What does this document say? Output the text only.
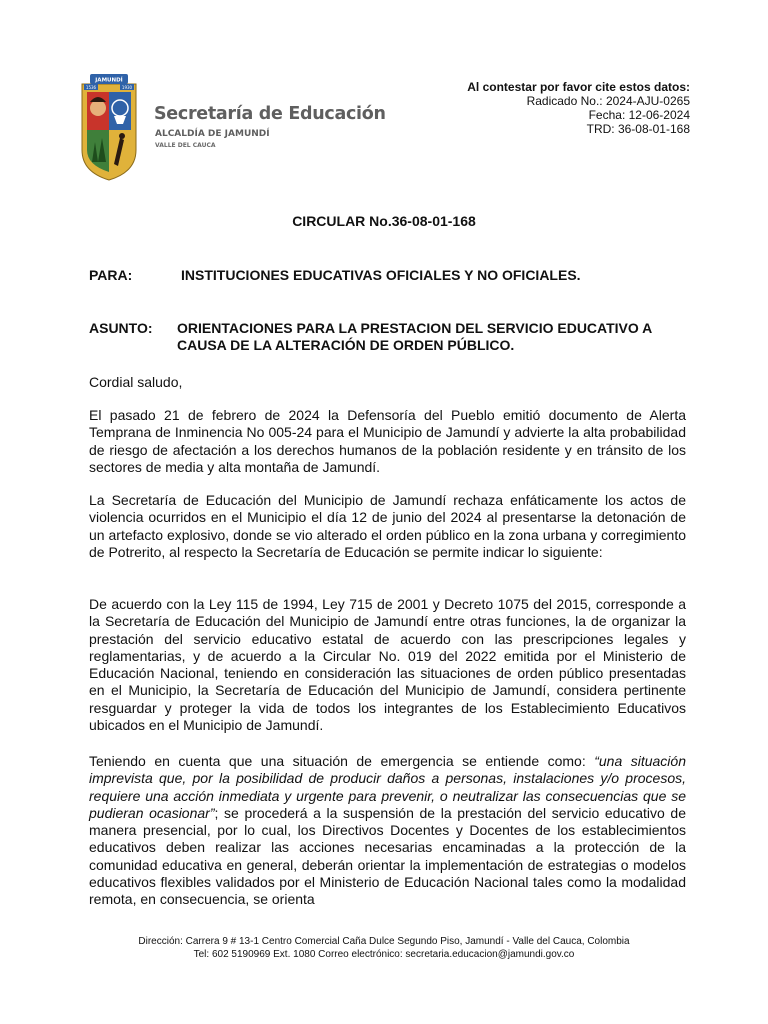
JAMUNDÍ
1536	1930
Secretaría de Educación
ALCALDÍA DE JAMUNDÍ
VALLE DEL CAUCA
Al contestar por favor cite estos datos:
Radicado No.: 2024-AJU-0265
Fecha: 12-06-2024
TRD: 36-08-01-168
CIRCULAR No.36-08-01-168
PARA:	INSTITUCIONES EDUCATIVAS OFICIALES Y NO OFICIALES.
ASUNTO: ORIENTACIONES PARA LA PRESTACION DEL SERVICIO EDUCATIVO A CAUSA DE LA ALTERACIÓN DE ORDEN PÚBLICO.

Cordial saludo,

El pasado 21 de febrero de 2024 la Defensoría del Pueblo emitió documento de Alerta Temprana de Inminencia No 005-24 para el Municipio de Jamundí y advierte la alta probabilidad de riesgo de afectación a los derechos humanos de la población residente y en tránsito de los sectores de media y alta montaña de Jamundí.

La Secretaría de Educación del Municipio de Jamundí rechaza enfáticamente los actos de violencia ocurridos en el Municipio el día 12 de junio del 2024 al presentarse la detonación de un artefacto explosivo, donde se vio alterado el orden público en la zona urbana y corregimiento de Potrerito, al respecto la Secretaría de Educación se permite indicar lo siguiente:

De acuerdo con la Ley 115 de 1994, Ley 715 de 2001 y Decreto 1075 del 2015, corresponde a la Secretaría de Educación del Municipio de Jamundí entre otras funciones, la de organizar la prestación del servicio educativo estatal de acuerdo con las prescripciones legales y reglamentarias, y de acuerdo a la Circular No. 019 del 2022 emitida por el Ministerio de Educación Nacional, teniendo en consideración las situaciones de orden público presentadas en el Municipio, la Secretaría de Educación del Municipio de Jamundí, considera pertinente resguardar y proteger la vida de todos los integrantes de los Establecimiento Educativos ubicados en el Municipio de Jamundí.

Teniendo en cuenta que una situación de emergencia se entiende como: “una situación imprevista que, por la posibilidad de producir daños a personas, instalaciones y/o procesos, requiere una acción inmediata y urgente para prevenir, o neutralizar las consecuencias que se pudieran ocasionar”; se procederá a la suspensión de la prestación del servicio educativo de manera presencial, por lo cual, los Directivos Docentes y Docentes de los establecimientos educativos deben realizar las acciones necesarias encaminadas a la protección de la comunidad educativa en general, deberán orientar la implementación de estrategias o modelos educativos flexibles validados por el Ministerio de Educación Nacional tales como la modalidad remota, en consecuencia, se orienta

Dirección: Carrera 9 # 13-1 Centro Comercial Caña Dulce Segundo Piso, Jamundí - Valle del Cauca, Colombia
Tel: 602 5190969 Ext. 1080 Correo electrónico: secretaria.educacion@jamundi.gov.co
